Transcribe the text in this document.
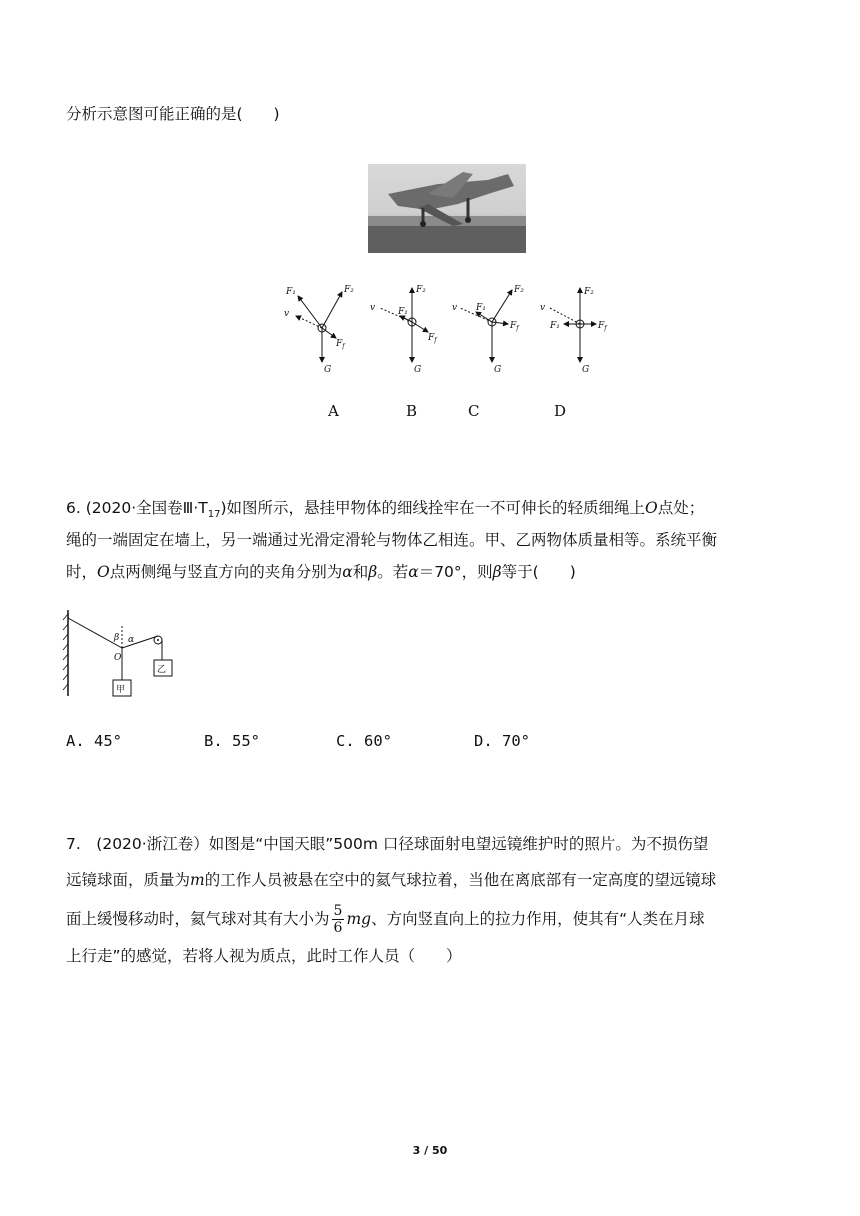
分析示意图可能正确的是(　　)
F₁	F₂
v
$F_f$
G
F₂
F₁
v
$F_f$
G
F₂
F₁
v
$F_f$
G
F₂
F₁
v
$F_f$
G
A	B	C	D
6. (2020·全国卷$Ⅲ\cdot T_{17}$)如图所示，悬挂甲物体的细线拴牢在一不可伸长的轻质细绳上O点处；
绳的一端固定在墙上，另一端通过光滑定滑轮与物体乙相连。甲、乙两物体质量相等。系统平衡
时，O点两侧绳与竖直方向的夹角分别为α和β。若α＝70°，则β等于(　　)
β α
O
乙
甲
A. 45°	B. 55°	C. 60°	D. 70°
7.　(2020·浙江卷）如图是“中国天眼”500m 口径球面射电望远镜维护时的照片。为不损伤望
远镜球面，质量为m的工作人员被悬在空中的氦气球拉着，当他在离底部有一定高度的望远镜球
面上缓慢移动时，氦气球对其有大小为 $\frac{5}{6}$ mg、方向竖直向上的拉力作用，使其有“人类在月球
上行走”的感觉，若将人视为质点，此时工作人员（　　）
3 / 50
